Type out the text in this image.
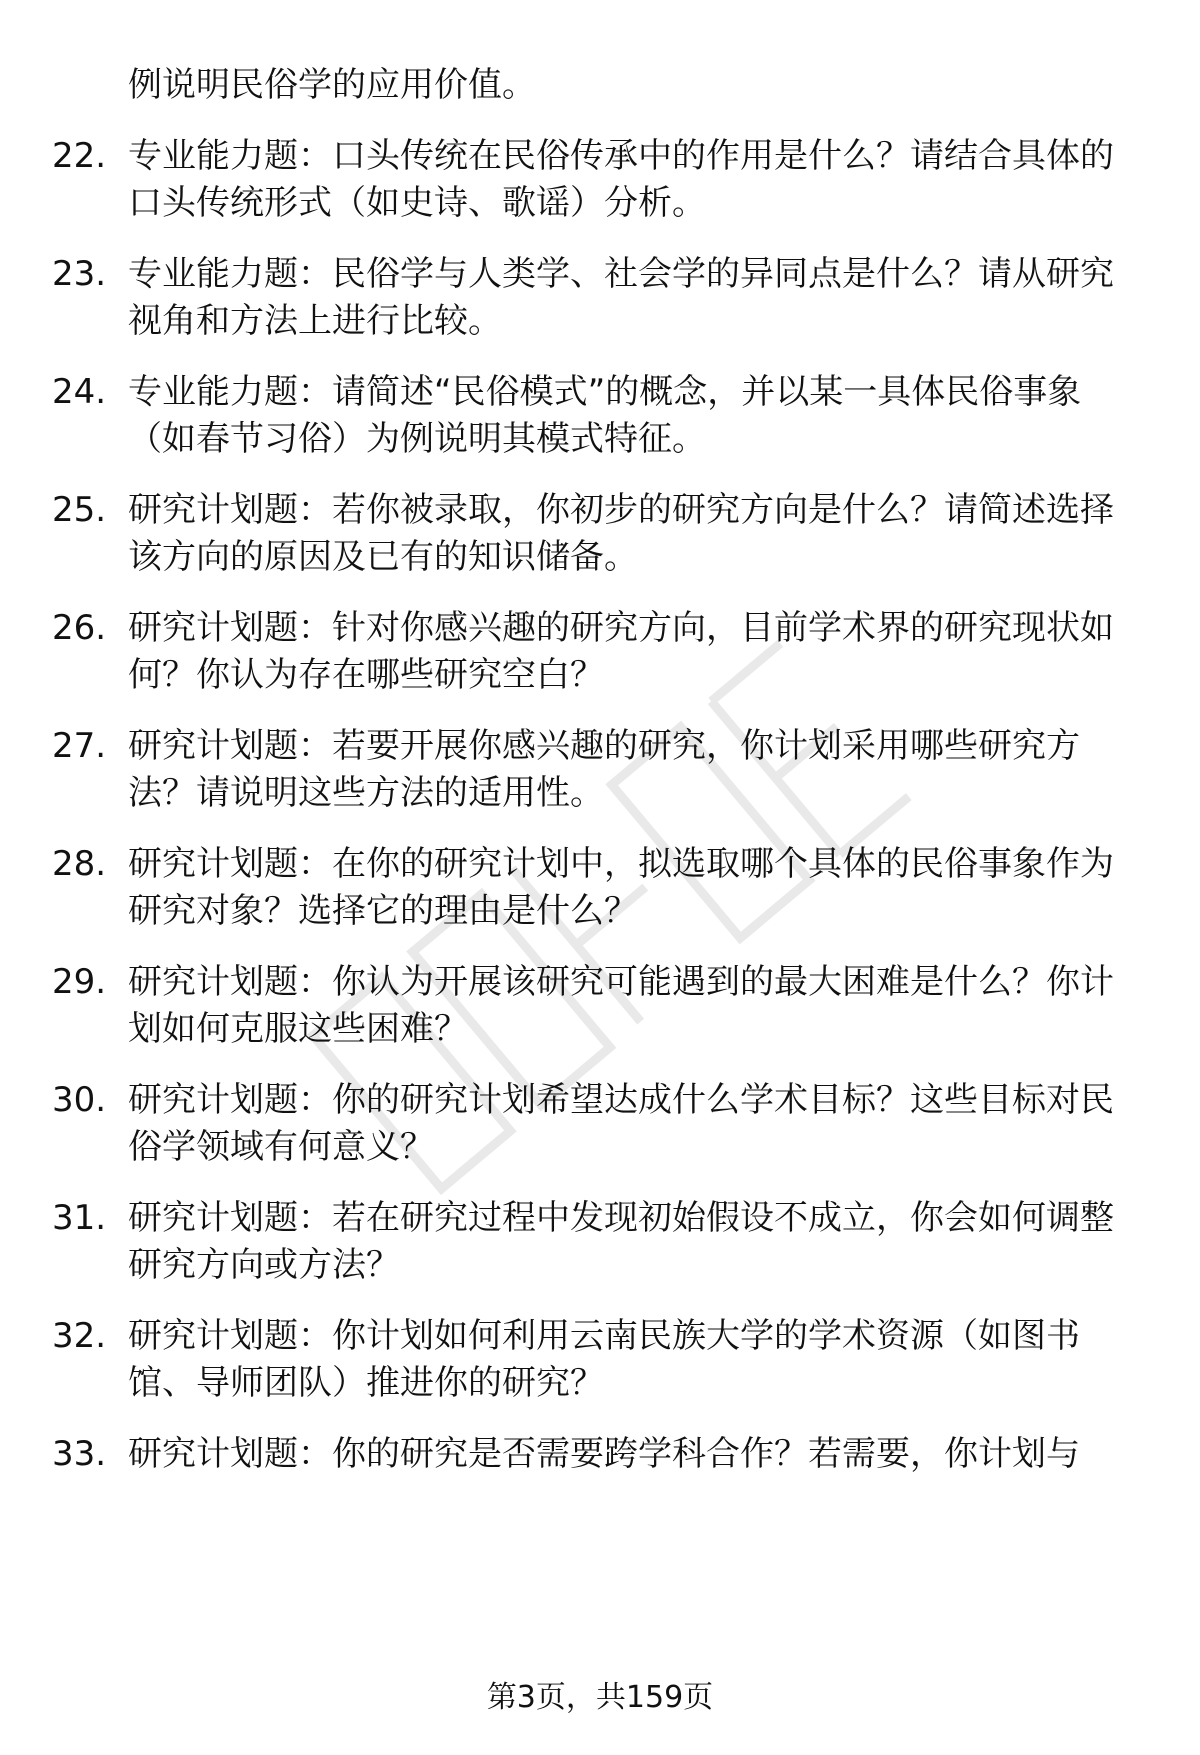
例说明民俗学的应用价值。
22. 专业能力题：口头传统在民俗传承中的作用是什么？请结合具体的口头传统形式（如史诗、歌谣）分析。
23. 专业能力题：民俗学与人类学、社会学的异同点是什么？请从研究视角和方法上进行比较。
24. 专业能力题：请简述“民俗模式”的概念，并以某一具体民俗事象（如春节习俗）为例说明其模式特征。
25. 研究计划题：若你被录取，你初步的研究方向是什么？请简述选择该方向的原因及已有的知识储备。
26. 研究计划题：针对你感兴趣的研究方向，目前学术界的研究现状如何？你认为存在哪些研究空白？
27. 研究计划题：若要开展你感兴趣的研究，你计划采用哪些研究方法？请说明这些方法的适用性。
28. 研究计划题：在你的研究计划中，拟选取哪个具体的民俗事象作为研究对象？选择它的理由是什么？
29. 研究计划题：你认为开展该研究可能遇到的最大困难是什么？你计划如何克服这些困难？
30. 研究计划题：你的研究计划希望达成什么学术目标？这些目标对民俗学领域有何意义？
31. 研究计划题：若在研究过程中发现初始假设不成立，你会如何调整研究方向或方法？
32. 研究计划题：你计划如何利用云南民族大学的学术资源（如图书馆、导师团队）推进你的研究？
33. 研究计划题：你的研究是否需要跨学科合作？若需要，你计划与
第3页，共159页
